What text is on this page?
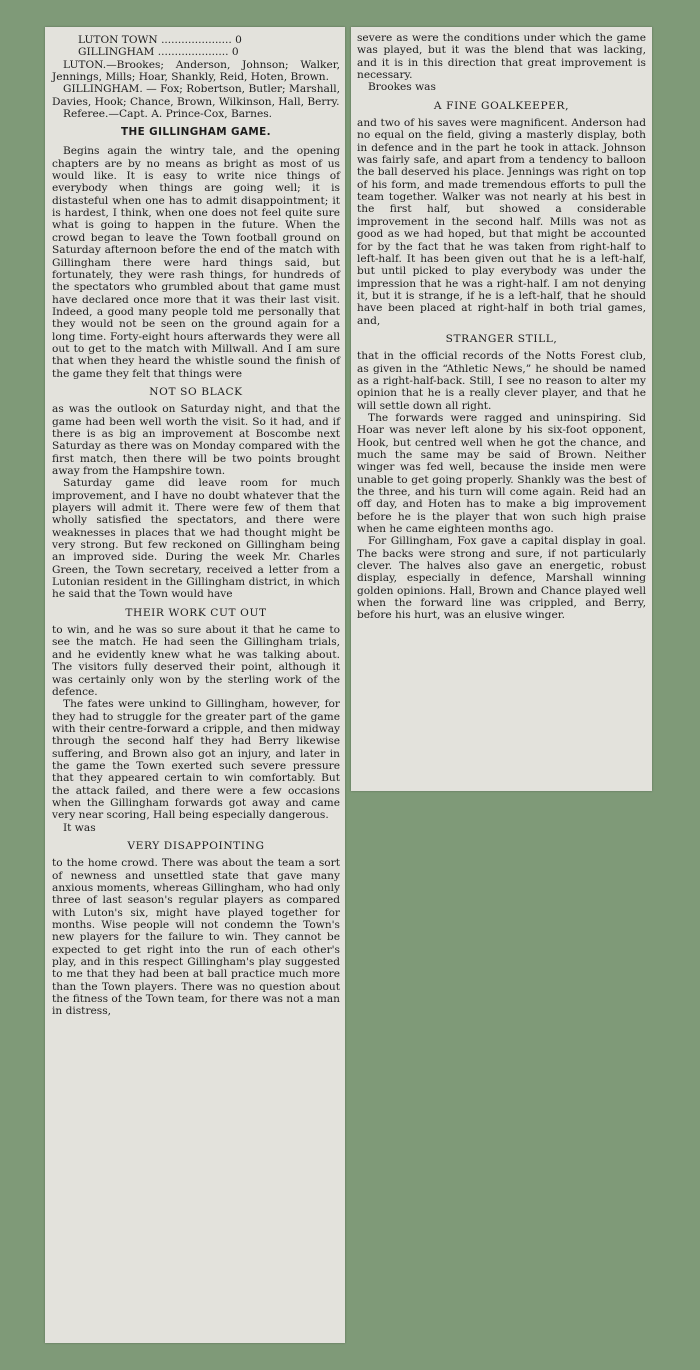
LUTON TOWN ..................... 0
GILLINGHAM ..................... 0

LUTON.—Brookes; Anderson, Johnson; Walker, Jennings, Mills; Hoar, Shankly, Reid, Hoten, Brown.

GILLINGHAM. — Fox; Robertson, Butler; Marshall, Davies, Hook; Chance, Brown, Wilkinson, Hall, Berry.

Referee.—Capt. A. Prince-Cox, Barnes.

THE GILLINGHAM GAME.

Begins again the wintry tale, and the opening chapters are by no means as bright as most of us would like. It is easy to write nice things of everybody when things are going well; it is distasteful when one has to admit disappointment; it is hardest, I think, when one does not feel quite sure what is going to happen in the future. When the crowd began to leave the Town football ground on Saturday afternoon before the end of the match with Gillingham there were hard things said, but fortunately, they were rash things, for hundreds of the spectators who grumbled about that game must have declared once more that it was their last visit. Indeed, a good many people told me personally that they would not be seen on the ground again for a long time. Forty-eight hours afterwards they were all out to get to the match with Millwall. And I am sure that when they heard the whistle sound the finish of the game they felt that things were

NOT SO BLACK

as was the outlook on Saturday night, and that the game had been well worth the visit. So it had, and if there is as big an improvement at Boscombe next Saturday as there was on Monday compared with the first match, then there will be two points brought away from the Hampshire town.

Saturday game did leave room for much improvement, and I have no doubt whatever that the players will admit it. There were few of them that wholly satisfied the spectators, and there were weaknesses in places that we had thought might be very strong. But few reckoned on Gillingham being an improved side. During the week Mr. Charles Green, the Town secretary, received a letter from a Lutonian resident in the Gillingham district, in which he said that the Town would have

THEIR WORK CUT OUT

to win, and he was so sure about it that he came to see the match. He had seen the Gillingham trials, and he evidently knew what he was talking about. The visitors fully deserved their point, although it was certainly only won by the sterling work of the defence.

The fates were unkind to Gillingham, however, for they had to struggle for the greater part of the game with their centre-forward a cripple, and then midway through the second half they had Berry likewise suffering, and Brown also got an injury, and later in the game the Town exerted such severe pressure that they appeared certain to win comfortably. But the attack failed, and there were a few occasions when the Gillingham forwards got away and came very near scoring, Hall being especially dangerous.

It was

VERY DISAPPOINTING

to the home crowd. There was about the team a sort of newness and unsettled state that gave many anxious moments, whereas Gillingham, who had only three of last season's regular players as compared with Luton's six, might have played together for months. Wise people will not condemn the Town's new players for the failure to win. They cannot be expected to get right into the run of each other's play, and in this respect Gillingham's play suggested to me that they had been at ball practice much more than the Town players. There was no question about the fitness of the Town team, for there was not a man in distress,

severe as were the conditions under which the game was played, but it was the blend that was lacking, and it is in this direction that great improvement is necessary.

Brookes was

A FINE GOALKEEPER,

and two of his saves were magnificent. Anderson had no equal on the field, giving a masterly display, both in defence and in the part he took in attack. Johnson was fairly safe, and apart from a tendency to balloon the ball deserved his place. Jennings was right on top of his form, and made tremendous efforts to pull the team together. Walker was not nearly at his best in the first half, but showed a considerable improvement in the second half. Mills was not as good as we had hoped, but that might be accounted for by the fact that he was taken from right-half to left-half. It has been given out that he is a left-half, but until picked to play everybody was under the impression that he was a right-half. I am not denying it, but it is strange, if he is a left-half, that he should have been placed at right-half in both trial games, and,

STRANGER STILL,

that in the official records of the Notts Forest club, as given in the “Athletic News,” he should be named as a right-half-back. Still, I see no reason to alter my opinion that he is a really clever player, and that he will settle down all right.

The forwards were ragged and uninspiring. Sid Hoar was never left alone by his six-foot opponent, Hook, but centred well when he got the chance, and much the same may be said of Brown. Neither winger was fed well, because the inside men were unable to get going properly. Shankly was the best of the three, and his turn will come again. Reid had an off day, and Hoten has to make a big improvement before he is the player that won such high praise when he came eighteen months ago.

For Gillingham, Fox gave a capital display in goal. The backs were strong and sure, if not particularly clever. The halves also gave an energetic, robust display, especially in defence, Marshall winning golden opinions. Hall, Brown and Chance played well when the forward line was crippled, and Berry, before his hurt, was an elusive winger.
